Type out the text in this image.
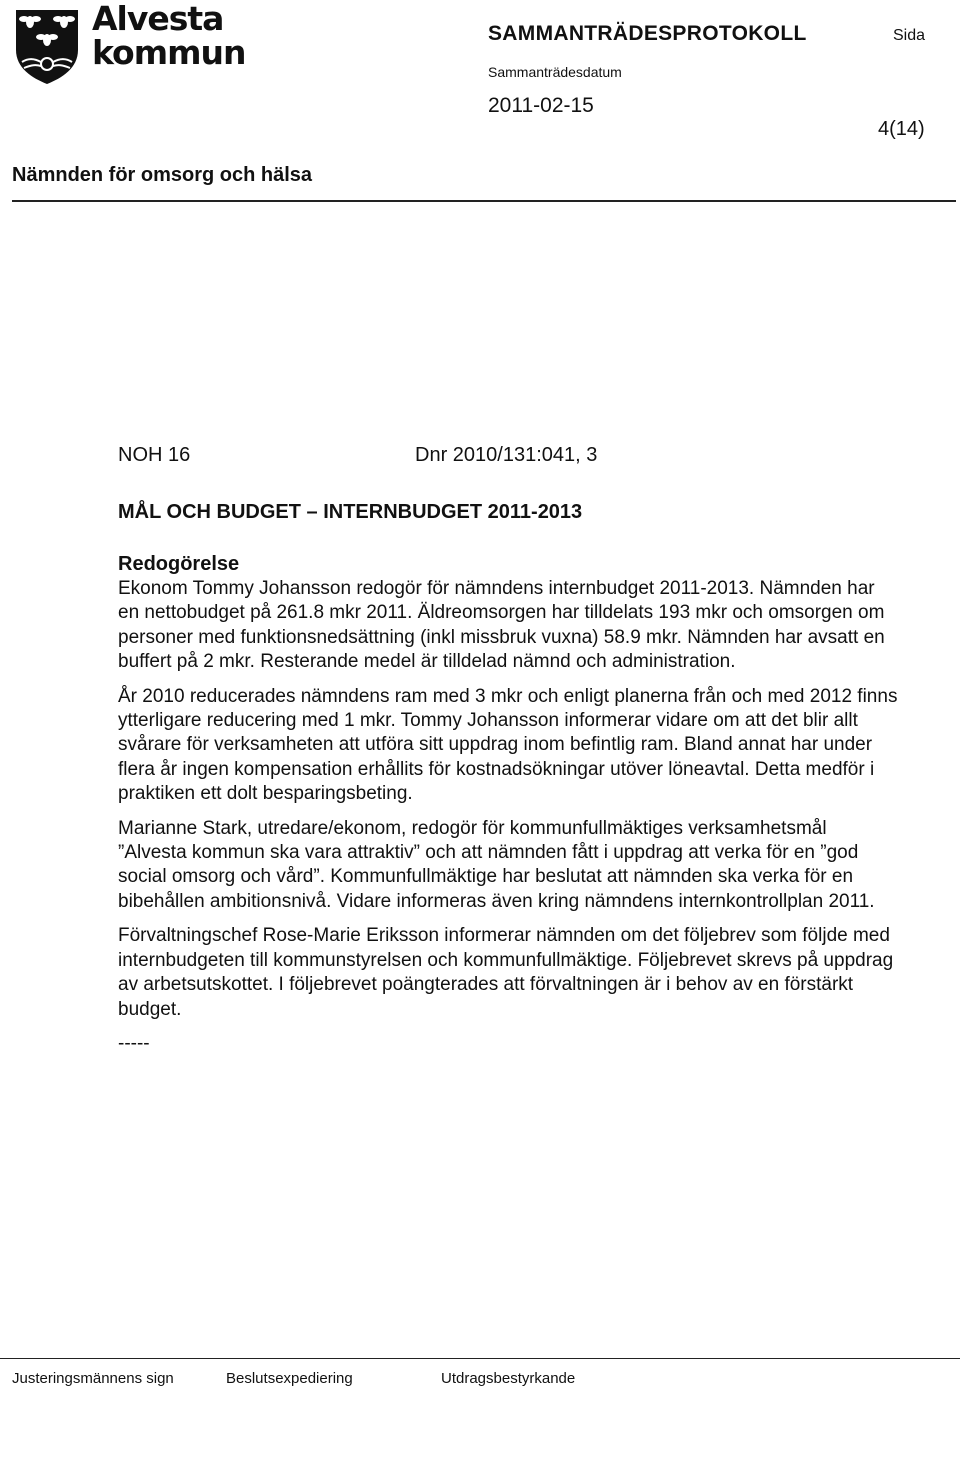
Alvesta
kommun	SAMMANTRÄDESPROTOKOLL	Sida
Sammanträdesdatum
2011-02-15
4(14)
Nämnden för omsorg och hälsa
NOH 16	Dnr 2010/131:041, 3
MÅL OCH BUDGET – INTERNBUDGET 2011-2013
Redogörelse

Ekonom Tommy Johansson redogör för nämndens internbudget 2011-2013. Nämnden har en nettobudget på 261.8 mkr 2011. Äldreomsorgen har tilldelats 193 mkr och omsorgen om personer med funktionsnedsättning (inkl missbruk vuxna) 58.9 mkr. Nämnden har avsatt en buffert på 2 mkr. Resterande medel är tilldelad nämnd och administration.

År 2010 reducerades nämndens ram med 3 mkr och enligt planerna från och med 2012 finns ytterligare reducering med 1 mkr. Tommy Johansson informerar vidare om att det blir allt svårare för verksamheten att utföra sitt uppdrag inom befintlig ram. Bland annat har under flera år ingen kompensation erhållits för kostnadsökningar utöver löneavtal. Detta medför i praktiken ett dolt besparingsbeting.

Marianne Stark, utredare/ekonom, redogör för kommunfullmäktiges verksamhetsmål ”Alvesta kommun ska vara attraktiv” och att nämnden fått i uppdrag att verka för en ”god social omsorg och vård”. Kommunfullmäktige har beslutat att nämnden ska verka för en bibehållen ambitionsnivå. Vidare informeras även kring nämndens internkontrollplan 2011.

Förvaltningschef Rose-Marie Eriksson informerar nämnden om det följebrev som följde med internbudgeten till kommunstyrelsen och kommunfullmäktige. Följebrevet skrevs på uppdrag av arbetsutskottet. I följebrevet poängterades att förvaltningen är i behov av en förstärkt budget.

-----
Justeringsmännens sign	Beslutsexpediering	Utdragsbestyrkande
